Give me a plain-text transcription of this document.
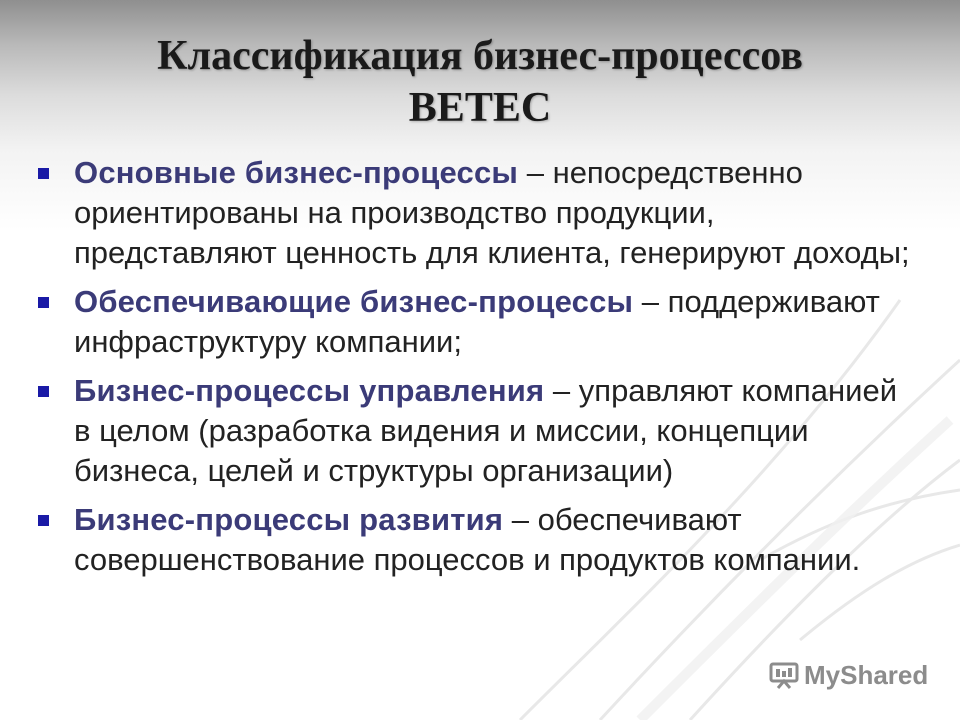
Классификация бизнес-процессов
BETEC
Основные бизнес-процессы – непосредственно ориентированы на производство продукции, представляют ценность для клиента, генерируют доходы;
Обеспечивающие бизнес-процессы – поддерживают инфраструктуру компании;
Бизнес-процессы управления – управляют компанией в целом (разработка видения и миссии, концепции бизнеса, целей и структуры организации)
Бизнес-процессы развития – обеспечивают совершенствование процессов и продуктов компании.
MyShared
